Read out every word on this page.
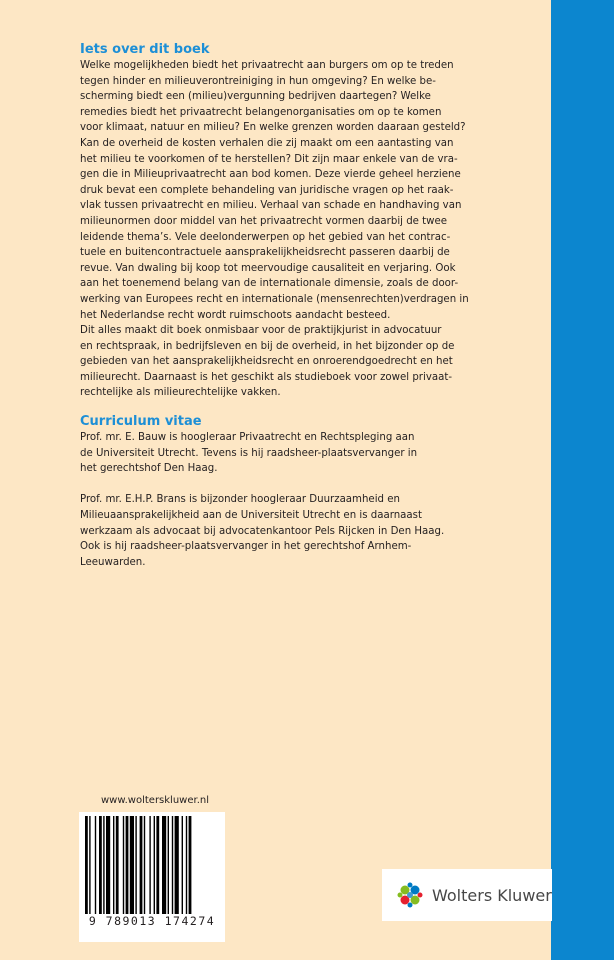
Iets over dit boek

Welke mogelijkheden biedt het privaatrecht aan burgers om op te treden
tegen hinder en milieuverontreiniging in hun omgeving? En welke be-
scherming biedt een (milieu)vergunning bedrijven daartegen? Welke
remedies biedt het privaatrecht belangenorganisaties om op te komen
voor klimaat, natuur en milieu? En welke grenzen worden daaraan gesteld?
Kan de overheid de kosten verhalen die zij maakt om een aantasting van
het milieu te voorkomen of te herstellen? Dit zijn maar enkele van de vra-
gen die in Milieuprivaatrecht aan bod komen. Deze vierde geheel herziene
druk bevat een complete behandeling van juridische vragen op het raak-
vlak tussen privaatrecht en milieu. Verhaal van schade en handhaving van
milieunormen door middel van het privaatrecht vormen daarbij de twee
leidende thema’s. Vele deelonderwerpen op het gebied van het contrac-
tuele en buitencontractuele aansprakelijkheidsrecht passeren daarbij de
revue. Van dwaling bij koop tot meervoudige causaliteit en verjaring. Ook
aan het toenemend belang van de internationale dimensie, zoals de door-
werking van Europees recht en internationale (mensenrechten)verdragen in
het Nederlandse recht wordt ruimschoots aandacht besteed.
Dit alles maakt dit boek onmisbaar voor de praktijkjurist in advocatuur
en rechtspraak, in bedrijfsleven en bij de overheid, in het bijzonder op de
gebieden van het aansprakelijkheidsrecht en onroerendgoedrecht en het
milieurecht. Daarnaast is het geschikt als studieboek voor zowel privaat-
rechtelijke als milieurechtelijke vakken.

Curriculum vitae

Prof. mr. E. Bauw is hoogleraar Privaatrecht en Rechtspleging aan
de Universiteit Utrecht. Tevens is hij raadsheer-plaatsvervanger in
het gerechtshof Den Haag.

Prof. mr. E.H.P. Brans is bijzonder hoogleraar Duurzaamheid en
Milieuaansprakelijkheid aan de Universiteit Utrecht en is daarnaast
werkzaam als advocaat bij advocatenkantoor Pels Rijcken in Den Haag.
Ook is hij raadsheer-plaatsvervanger in het gerechtshof Arnhem-
Leeuwarden.

www.wolterskluwer.nl
9 789013 174274
Wolters Kluwer
